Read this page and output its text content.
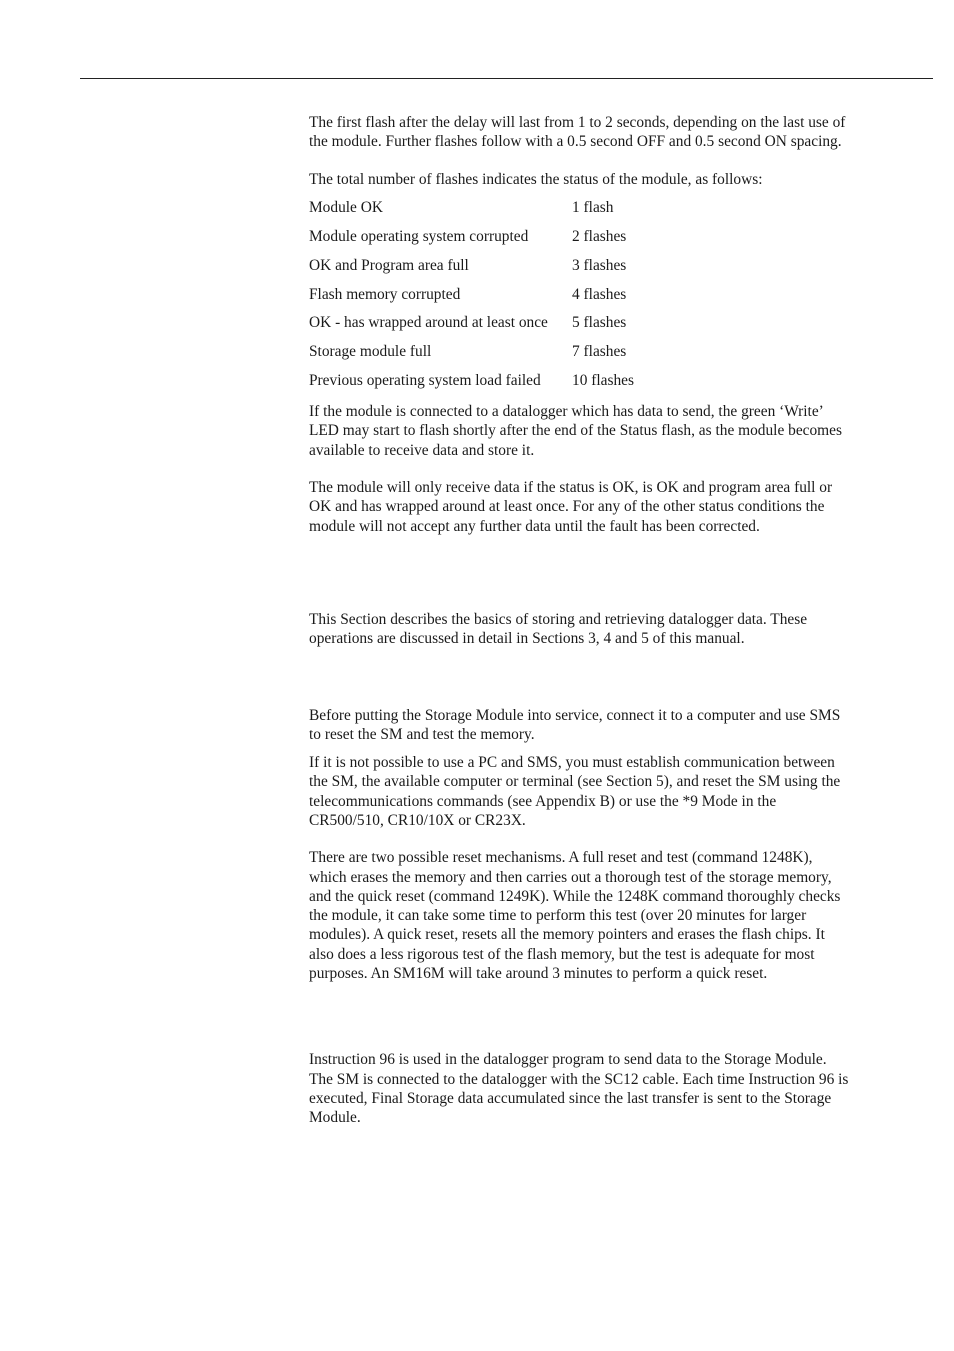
The first flash after the delay will last from 1 to 2 seconds, depending on the last use of the module. Further flashes follow with a 0.5 second OFF and 0.5 second ON spacing.

The total number of flashes indicates the status of the module, as follows:

Module OK	1 flash
Module operating system corrupted	2 flashes
OK and Program area full	3 flashes
Flash memory corrupted	4 flashes
OK - has wrapped around at least once	5 flashes
Storage module full	7 flashes
Previous operating system load failed	10 flashes

If the module is connected to a datalogger which has data to send, the green ‘Write’ LED may start to flash shortly after the end of the Status flash, as the module becomes available to receive data and store it.

The module will only receive data if the status is OK, is OK and program area full or OK and has wrapped around at least once. For any of the other status conditions the module will not accept any further data until the fault has been corrected.

This Section describes the basics of storing and retrieving datalogger data. These operations are discussed in detail in Sections 3, 4 and 5 of this manual.

Before putting the Storage Module into service, connect it to a computer and use SMS to reset the SM and test the memory.

If it is not possible to use a PC and SMS, you must establish communication between the SM, the available computer or terminal (see Section 5), and reset the SM using the telecommunications commands (see Appendix B) or use the *9 Mode in the CR500/510, CR10/10X or CR23X.

There are two possible reset mechanisms. A full reset and test (command 1248K), which erases the memory and then carries out a thorough test of the storage memory, and the quick reset (command 1249K). While the 1248K command thoroughly checks the module, it can take some time to perform this test (over 20 minutes for larger modules). A quick reset, resets all the memory pointers and erases the flash chips. It also does a less rigorous test of the flash memory, but the test is adequate for most purposes. An SM16M will take around 3 minutes to perform a quick reset.

Instruction 96 is used in the datalogger program to send data to the Storage Module. The SM is connected to the datalogger with the SC12 cable. Each time Instruction 96 is executed, Final Storage data accumulated since the last transfer is sent to the Storage Module.
